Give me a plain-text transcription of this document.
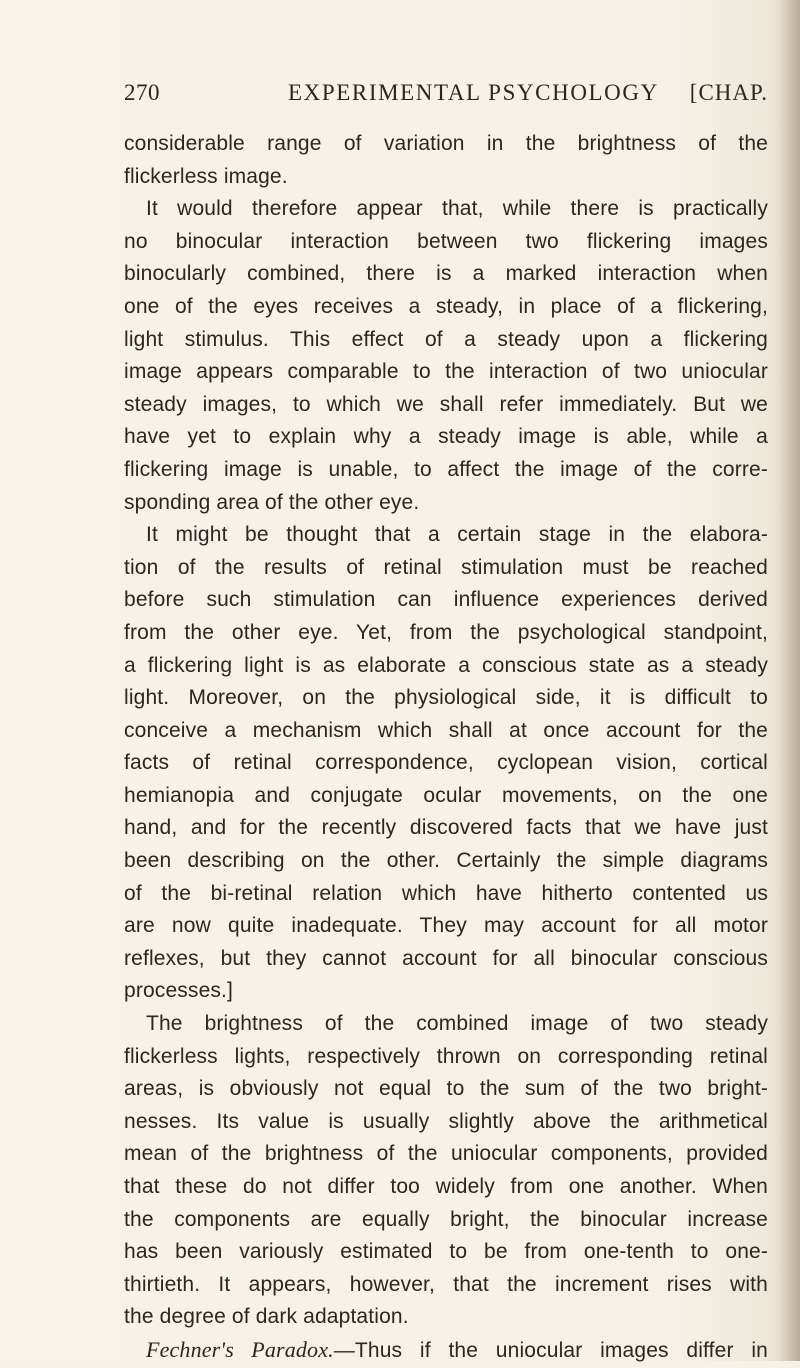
270	EXPERIMENTAL PSYCHOLOGY [CHAP.
considerable range of variation in the brightness of the
flickerless image.
It would therefore appear that, while there is practically
no binocular interaction between two flickering images
binocularly combined, there is a marked interaction when
one of the eyes receives a steady, in place of a flickering,
light stimulus. This effect of a steady upon a flickering
image appears comparable to the interaction of two uniocular
steady images, to which we shall refer immediately. But we
have yet to explain why a steady image is able, while a
flickering image is unable, to affect the image of the corre-
sponding area of the other eye.
It might be thought that a certain stage in the elabora-
tion of the results of retinal stimulation must be reached
before such stimulation can influence experiences derived
from the other eye. Yet, from the psychological standpoint,
a flickering light is as elaborate a conscious state as a steady
light. Moreover, on the physiological side, it is difficult to
conceive a mechanism which shall at once account for the
facts of retinal correspondence, cyclopean vision, cortical
hemianopia and conjugate ocular movements, on the one
hand, and for the recently discovered facts that we have just
been describing on the other. Certainly the simple diagrams
of the bi-retinal relation which have hitherto contented us
are now quite inadequate. They may account for all motor
reflexes, but they cannot account for all binocular conscious
processes.]
The brightness of the combined image of two steady
flickerless lights, respectively thrown on corresponding retinal
areas, is obviously not equal to the sum of the two bright-
nesses. Its value is usually slightly above the arithmetical
mean of the brightness of the uniocular components, provided
that these do not differ too widely from one another. When
the components are equally bright, the binocular increase
has been variously estimated to be from one-tenth to one-
thirtieth. It appears, however, that the increment rises with
the degree of dark adaptation.
Fechner's Paradox.—Thus if the uniocular images differ in
